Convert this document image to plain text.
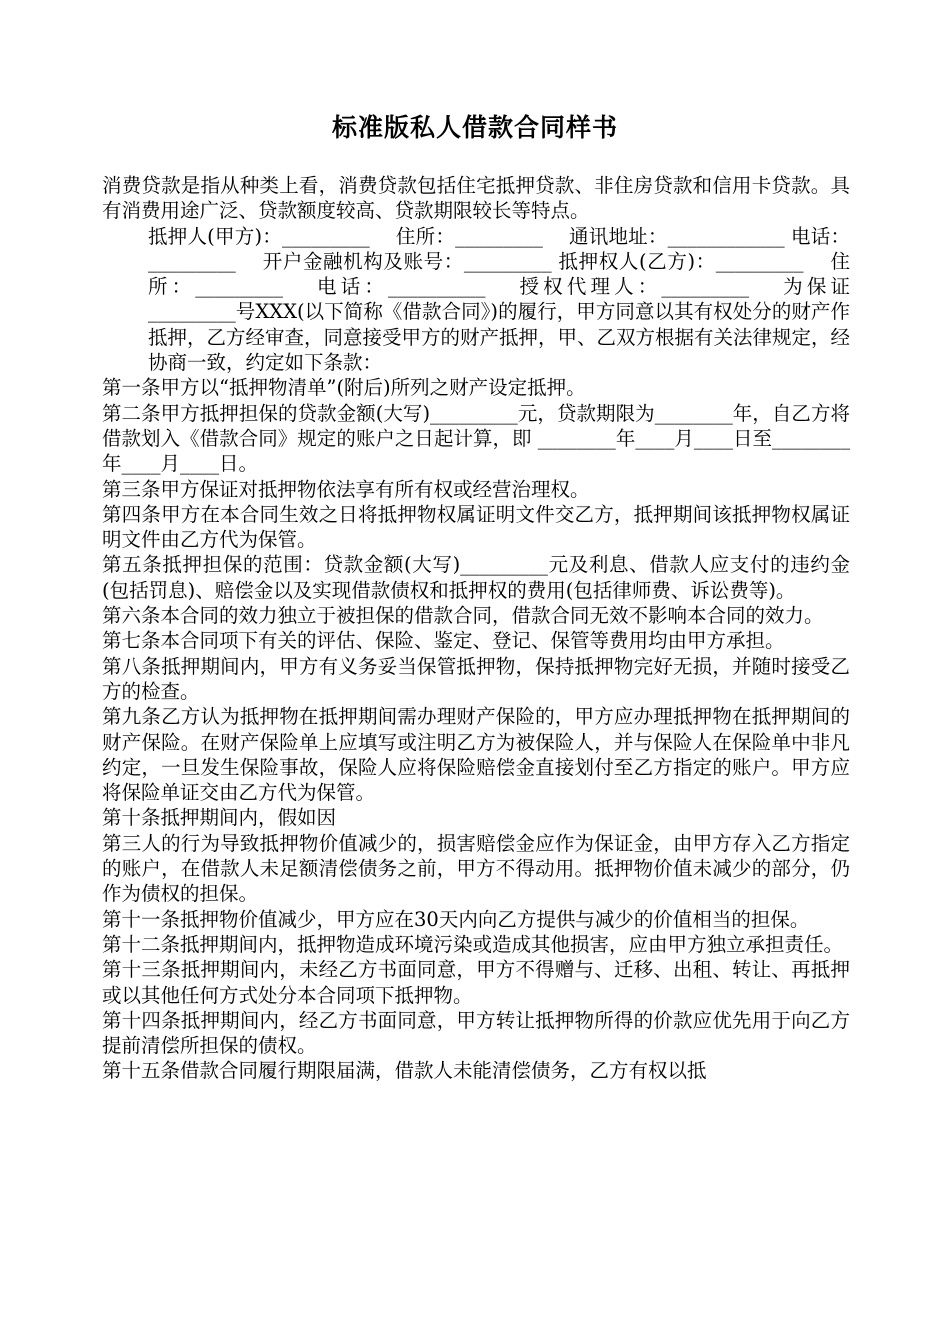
标准版私人借款合同样书

消费贷款是指从种类上看，消费贷款包括住宅抵押贷款、非住房贷款和信用卡贷款。具有消费用途广泛、贷款额度较高、贷款期限较长等特点。

抵押人(甲方)：_________ 　住所：_________ 　通讯地址：____________ 电话：_________ 　开户金融机构及账号：_________ 抵押权人(乙方)：_________ 　住所：_________ 　电话：__________ 　授权代理人：_________ 　为保证_________号XXX(以下简称《借款合同》)的履行，甲方同意以其有权处分的财产作抵押，乙方经审查，同意接受甲方的财产抵押，甲、乙双方根据有关法律规定，经协商一致，约定如下条款：

第一条甲方以“抵押物清单”(附后)所列之财产设定抵押。

第二条甲方抵押担保的贷款金额(大写)_________元，贷款期限为________年，自乙方将借款划入《借款合同》规定的账户之日起计算，即 ________年____月____日至________年____月____日。

第三条甲方保证对抵押物依法享有所有权或经营治理权。

第四条甲方在本合同生效之日将抵押物权属证明文件交乙方，抵押期间该抵押物权属证明文件由乙方代为保管。

第五条抵押担保的范围：贷款金额(大写)_________元及利息、借款人应支付的违约金(包括罚息)、赔偿金以及实现借款债权和抵押权的费用(包括律师费、诉讼费等)。

第六条本合同的效力独立于被担保的借款合同，借款合同无效不影响本合同的效力。

第七条本合同项下有关的评估、保险、鉴定、登记、保管等费用均由甲方承担。

第八条抵押期间内，甲方有义务妥当保管抵押物，保持抵押物完好无损，并随时接受乙方的检查。

第九条乙方认为抵押物在抵押期间需办理财产保险的，甲方应办理抵押物在抵押期间的财产保险。在财产保险单上应填写或注明乙方为被保险人，并与保险人在保险单中非凡约定，一旦发生保险事故，保险人应将保险赔偿金直接划付至乙方指定的账户。甲方应将保险单证交由乙方代为保管。

第十条抵押期间内，假如因

第三人的行为导致抵押物价值减少的，损害赔偿金应作为保证金，由甲方存入乙方指定的账户，在借款人未足额清偿债务之前，甲方不得动用。抵押物价值未减少的部分，仍作为债权的担保。

第十一条抵押物价值减少，甲方应在30天内向乙方提供与减少的价值相当的担保。

第十二条抵押期间内，抵押物造成环境污染或造成其他损害，应由甲方独立承担责任。

第十三条抵押期间内，未经乙方书面同意，甲方不得赠与、迁移、出租、转让、再抵押或以其他任何方式处分本合同项下抵押物。

第十四条抵押期间内，经乙方书面同意，甲方转让抵押物所得的价款应优先用于向乙方提前清偿所担保的债权。

第十五条借款合同履行期限届满，借款人未能清偿债务，乙方有权以抵
